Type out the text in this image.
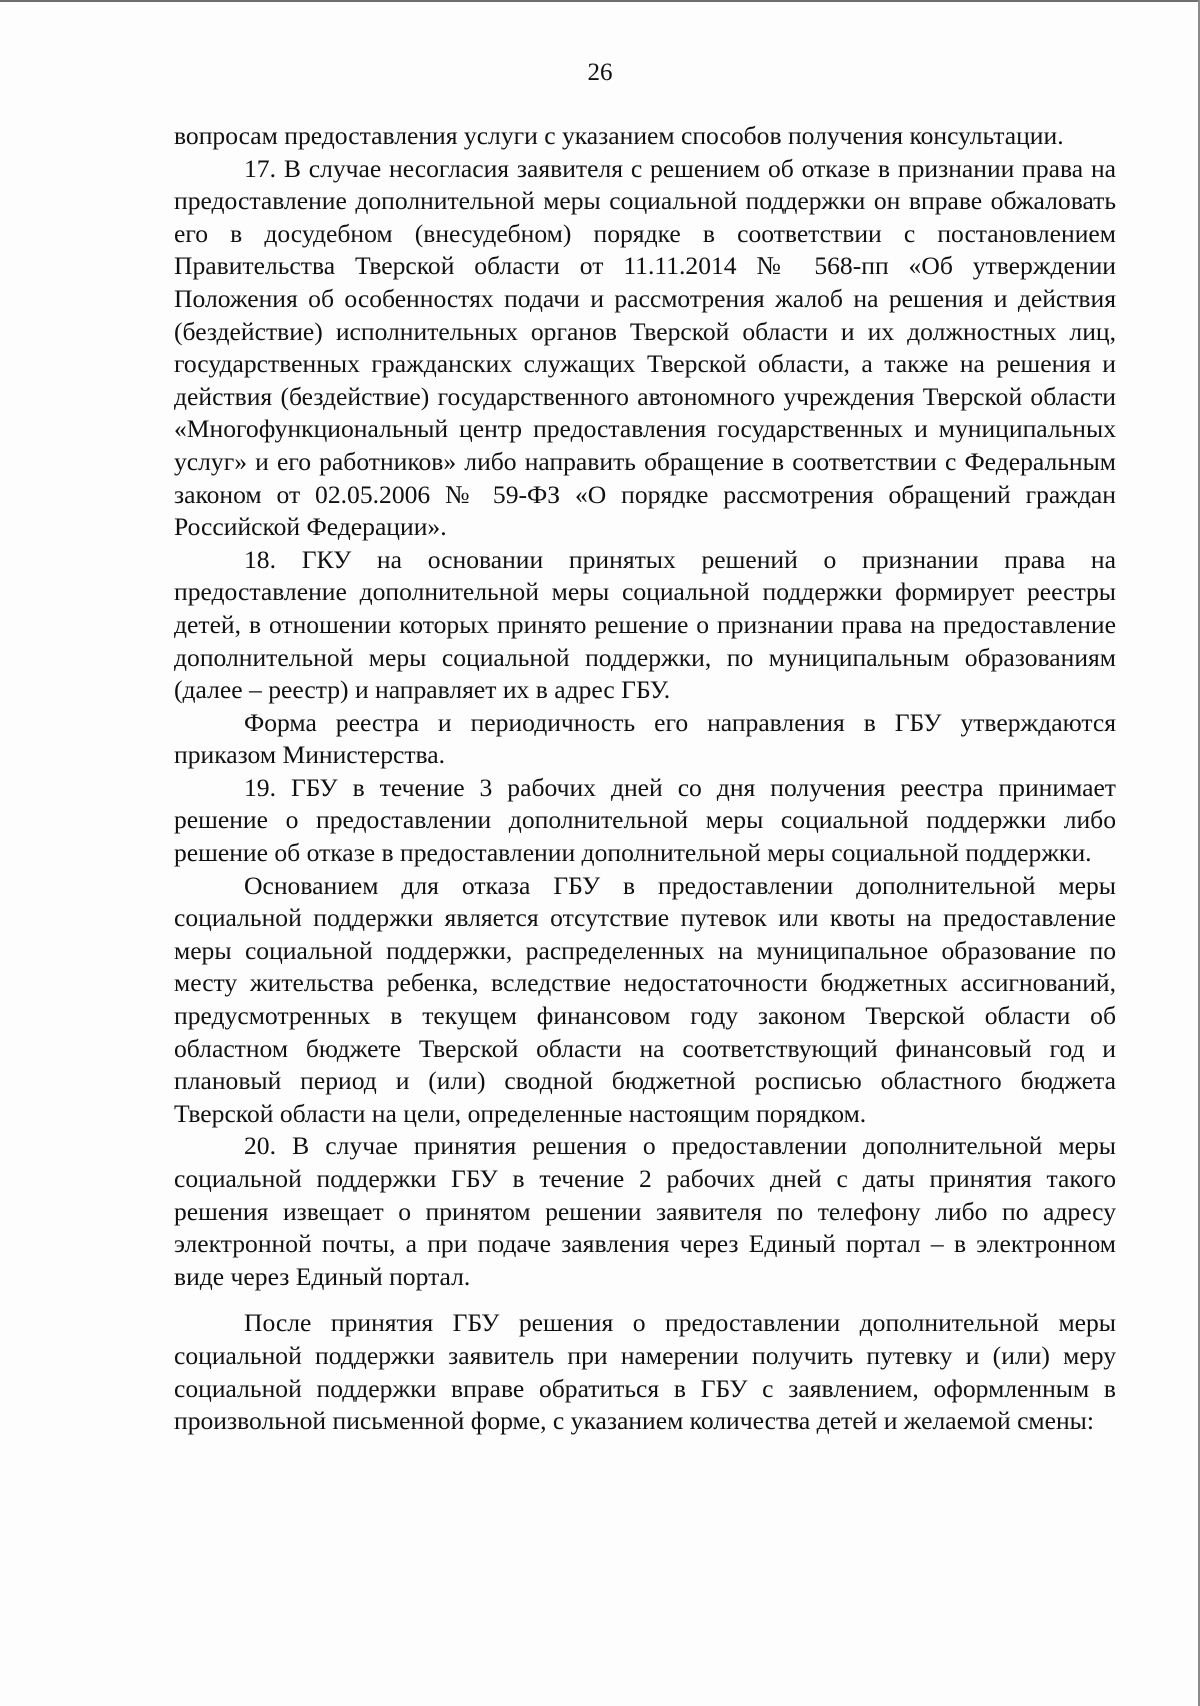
26

вопросам предоставления услуги с указанием способов получения консультации.

17. В случае несогласия заявителя с решением об отказе в признании права на предоставление дополнительной меры социальной поддержки он вправе обжаловать его в досудебном (внесудебном) порядке в соответствии с постановлением Правительства Тверской области от 11.11.2014 № 568-пп «Об утверждении Положения об особенностях подачи и рассмотрения жалоб на решения и действия (бездействие) исполнительных органов Тверской области и их должностных лиц, государственных гражданских служащих Тверской области, а также на решения и действия (бездействие) государственного автономного учреждения Тверской области «Многофункциональный центр предоставления государственных и муниципальных услуг» и его работников» либо направить обращение в соответствии с Федеральным законом от 02.05.2006 № 59-ФЗ «О порядке рассмотрения обращений граждан Российской Федерации».

18. ГКУ на основании принятых решений о признании права на предоставление дополнительной меры социальной поддержки формирует реестры детей, в отношении которых принято решение о признании права на предоставление дополнительной меры социальной поддержки, по муниципальным образованиям (далее – реестр) и направляет их в адрес ГБУ.

Форма реестра и периодичность его направления в ГБУ утверждаются приказом Министерства.

19. ГБУ в течение 3 рабочих дней со дня получения реестра принимает решение о предоставлении дополнительной меры социальной поддержки либо решение об отказе в предоставлении дополнительной меры социальной поддержки.

Основанием для отказа ГБУ в предоставлении дополнительной меры социальной поддержки является отсутствие путевок или квоты на предоставление меры социальной поддержки, распределенных на муниципальное образование по месту жительства ребенка, вследствие недостаточности бюджетных ассигнований, предусмотренных в текущем финансовом году законом Тверской области об областном бюджете Тверской области на соответствующий финансовый год и плановый период и (или) сводной бюджетной росписью областного бюджета Тверской области на цели, определенные настоящим порядком.

20. В случае принятия решения о предоставлении дополнительной меры социальной поддержки ГБУ в течение 2 рабочих дней с даты принятия такого решения извещает о принятом решении заявителя по телефону либо по адресу электронной почты, а при подаче заявления через Единый портал – в электронном виде через Единый портал.

После принятия ГБУ решения о предоставлении дополнительной меры социальной поддержки заявитель при намерении получить путевку и (или) меру социальной поддержки вправе обратиться в ГБУ с заявлением, оформленным в произвольной письменной форме, с указанием количества детей и желаемой смены:
